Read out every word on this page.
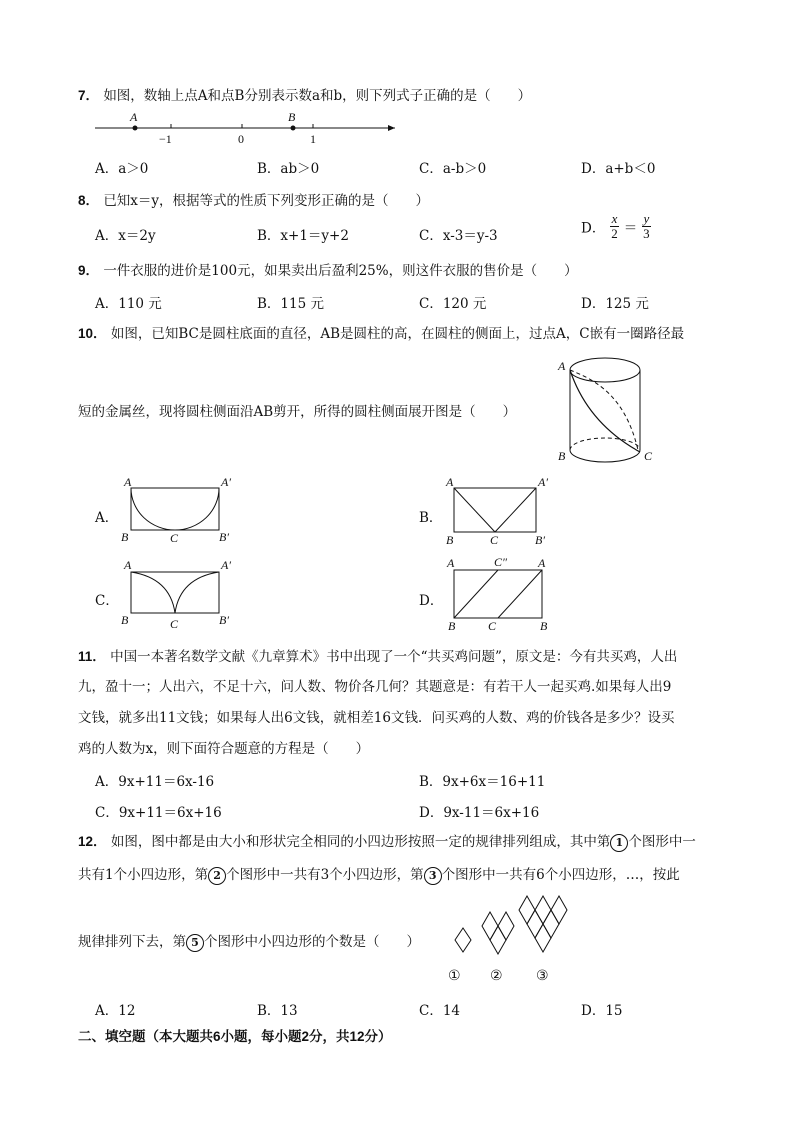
7． 如图，数轴上点A和点B分别表示数a和b，则下列式子正确的是（　　）
A	B
−1	0	1
A．a＞0	B．ab＞0	C．a-b＞0	D．a+b＜0
8． 已知x＝y，根据等式的性质下列变形正确的是（　　）
A．x＝2y	B．x+1＝y+2	C．x-3＝y-3	D． $\frac{x}{2} = \frac{y}{3}$
9． 一件衣服的进价是100元，如果卖出后盈利25%，则这件衣服的售价是（　　）
A．110 元	B．115 元	C．120 元	D．125 元
10． 如图，已知BC是圆柱底面的直径，AB是圆柱的高，在圆柱的侧面上，过点A，C嵌有一圈路径最
短的金属丝，现将圆柱侧面沿AB剪开，所得的圆柱侧面展开图是（　　）
A
B	C
A．	B．
C．	D．
A	A′
B	C	B′
A	A′
B	C	B′
A	A′
B	C	B′
A	C″	A
B	C	B
11． 中国一本著名数学文献《九章算术》书中出现了一个“共买鸡问题”，原文是：今有共买鸡，人出
九，盈十一；人出六，不足十六，问人数、物价各几何？其题意是：有若干人一起买鸡.如果每人出9
文钱，就多出11文钱；如果每人出6文钱，就相差16文钱．问买鸡的人数、鸡的价钱各是多少？设买
鸡的人数为x，则下面符合题意的方程是（　　）
A．9x+11＝6x-16	B．9x+6x＝16+11
C．9x+11＝6x+16	D．9x-11＝6x+16
12． 如图，图中都是由大小和形状完全相同的小四边形按照一定的规律排列组成，其中第 1 个图形中一
共有1个小四边形，第 2 个图形中一共有3个小四边形，第 3 个图形中一共有6个小四边形，…，按此
规律排列下去，第 5 个图形中小四边形的个数是（　　）
① ② ③
A．12	B．13	C．14	D．15
二、填空题（本大题共6小题，每小题2分，共12分）
